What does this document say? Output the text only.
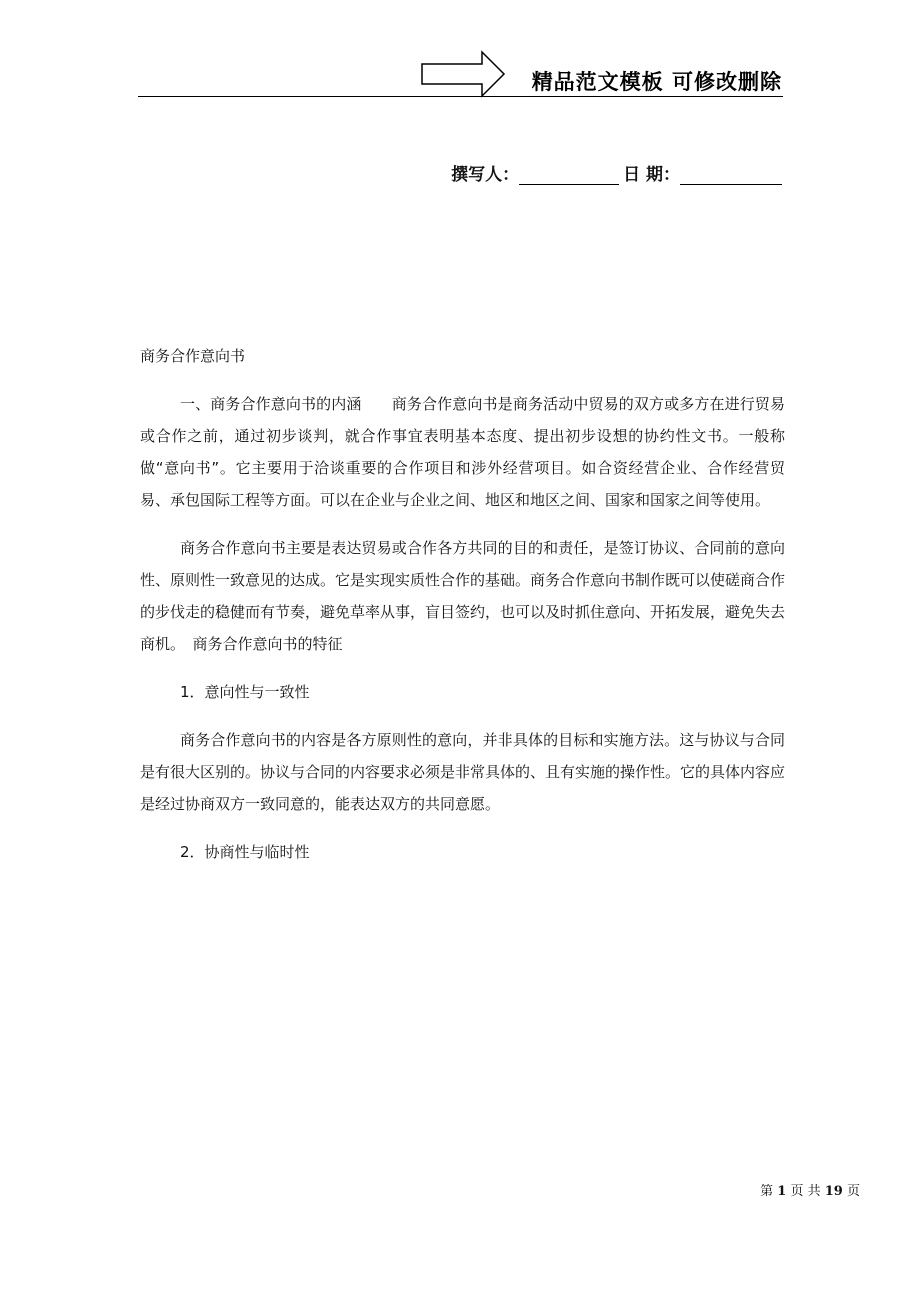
精品范文模板 可修改删除
撰写人：	日 期：

商务合作意向书

一、商务合作意向书的内涵　　商务合作意向书是商务活动中贸易的双方或多方在进行贸易或合作之前，通过初步谈判，就合作事宜表明基本态度、提出初步设想的协约性文书。一般称做“意向书”。它主要用于洽谈重要的合作项目和涉外经营项目。如合资经营企业、合作经营贸易、承包国际工程等方面。可以在企业与企业之间、地区和地区之间、国家和国家之间等使用。

商务合作意向书主要是表达贸易或合作各方共同的目的和责任，是签订协议、合同前的意向性、原则性一致意见的达成。它是实现实质性合作的基础。商务合作意向书制作既可以使磋商合作的步伐走的稳健而有节奏，避免草率从事，盲目签约，也可以及时抓住意向、开拓发展，避免失去商机。　商务合作意向书的特征

1．意向性与一致性

商务合作意向书的内容是各方原则性的意向，并非具体的目标和实施方法。这与协议与合同是有很大区别的。协议与合同的内容要求必须是非常具体的、且有实施的操作性。它的具体内容应是经过协商双方一致同意的，能表达双方的共同意愿。

2．协商性与临时性

第 1 页 共 19 页
